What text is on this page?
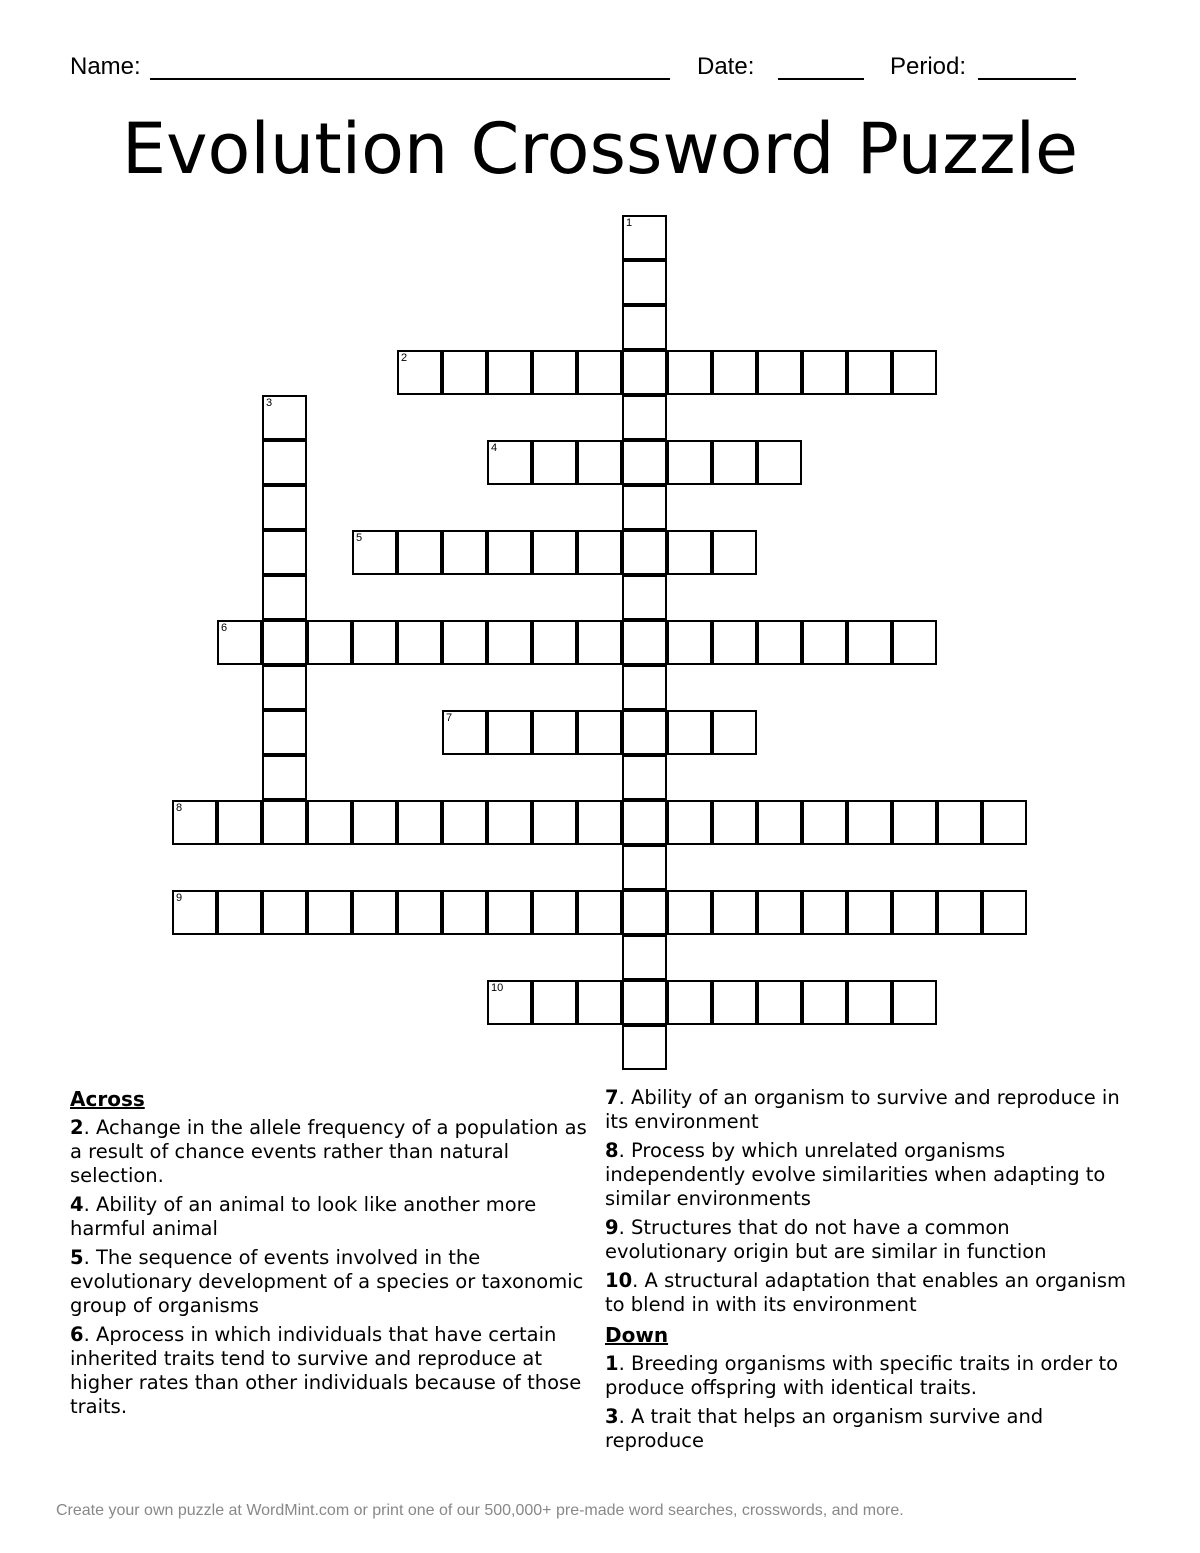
Name:	Date:	Period:
Evolution Crossword Puzzle
1
2
3
4
5
6
7
8
9
10
Across
2. Achange in the allele frequency of a population as a result of chance events rather than natural selection.
4. Ability of an animal to look like another more harmful animal
5. The sequence of events involved in the evolutionary development of a species or taxonomic group of organisms
6. Aprocess in which individuals that have certain inherited traits tend to survive and reproduce at higher rates than other individuals because of those traits.
7. Ability of an organism to survive and reproduce in its environment
8. Process by which unrelated organisms independently evolve similarities when adapting to similar environments
9. Structures that do not have a common evolutionary origin but are similar in function
10. A structural adaptation that enables an organism to blend in with its environment
Down
1. Breeding organisms with specific traits in order to produce offspring with identical traits.
3. A trait that helps an organism survive and reproduce
Create your own puzzle at WordMint.com or print one of our 500,000+ pre-made word searches, crosswords, and more.
